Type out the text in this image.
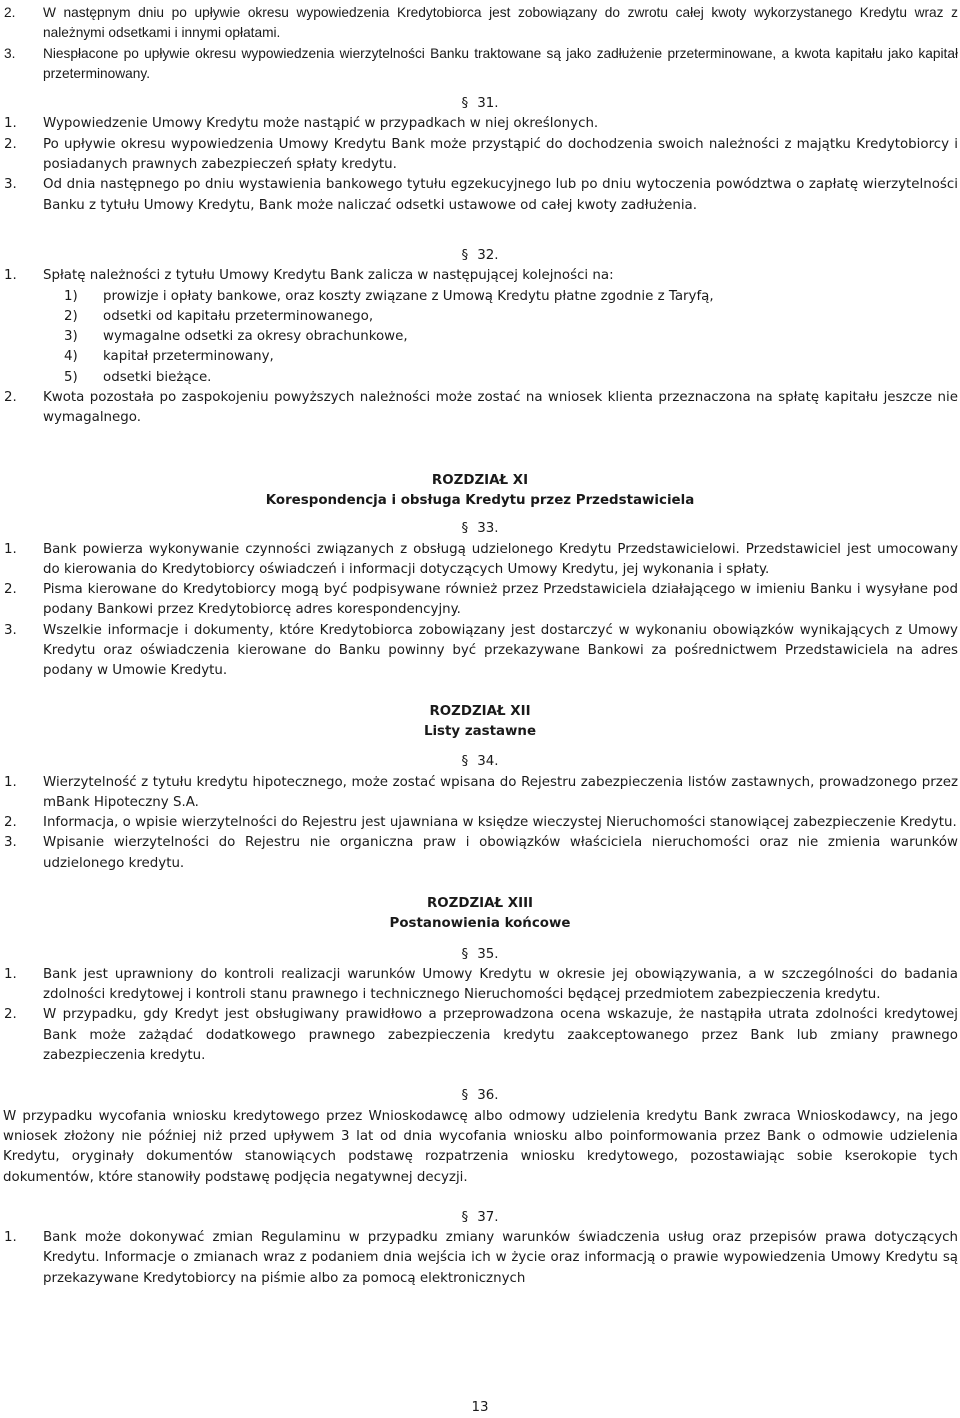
2.	W następnym dniu po upływie okresu wypowiedzenia Kredytobiorca jest zobowiązany do zwrotu całej kwoty wykorzystanego Kredytu wraz z należnymi odsetkami i innymi opłatami.
3.	Niespłacone po upływie okresu wypowiedzenia wierzytelności Banku traktowane są jako zadłużenie przeterminowane, a kwota kapitału jako kapitał przeterminowany.
§ 31.
1.	Wypowiedzenie Umowy Kredytu może nastąpić w przypadkach w niej określonych.
2.	Po upływie okresu wypowiedzenia Umowy Kredytu Bank może przystąpić do dochodzenia swoich należności z majątku Kredytobiorcy i posiadanych prawnych zabezpieczeń spłaty kredytu.
3.	Od dnia następnego po dniu wystawienia bankowego tytułu egzekucyjnego lub po dniu wytoczenia powództwa o zapłatę wierzytelności Banku z tytułu Umowy Kredytu, Bank może naliczać odsetki ustawowe od całej kwoty zadłużenia.
§ 32.
1.	Spłatę należności z tytułu Umowy Kredytu Bank zalicza w następującej kolejności na:
1)	prowizje i opłaty bankowe, oraz koszty związane z Umową Kredytu płatne zgodnie z Taryfą,
2)	odsetki od kapitału przeterminowanego,
3)	wymagalne odsetki za okresy obrachunkowe,
4)	kapitał przeterminowany,
5)	odsetki bieżące.
2.	Kwota pozostała po zaspokojeniu powyższych należności może zostać na wniosek klienta przeznaczona na spłatę kapitału jeszcze nie wymagalnego.
ROZDZIAŁ XI
Korespondencja i obsługa Kredytu przez Przedstawiciela
§ 33.
1.	Bank powierza wykonywanie czynności związanych z obsługą udzielonego Kredytu Przedstawicielowi. Przedstawiciel jest umocowany do kierowania do Kredytobiorcy oświadczeń i informacji dotyczących Umowy Kredytu, jej wykonania i spłaty.
2.	Pisma kierowane do Kredytobiorcy mogą być podpisywane również przez Przedstawiciela działającego w imieniu Banku i wysyłane pod podany Bankowi przez Kredytobiorcę adres korespondencyjny.
3.	Wszelkie informacje i dokumenty, które Kredytobiorca zobowiązany jest dostarczyć w wykonaniu obowiązków wynikających z Umowy Kredytu oraz oświadczenia kierowane do Banku powinny być przekazywane Bankowi za pośrednictwem Przedstawiciela na adres podany w Umowie Kredytu.
ROZDZIAŁ XII
Listy zastawne
§ 34.
1.	Wierzytelność z tytułu kredytu hipotecznego, może zostać wpisana do Rejestru zabezpieczenia listów zastawnych, prowadzonego przez mBank Hipoteczny S.A.
2.	Informacja, o wpisie wierzytelności do Rejestru jest ujawniana w księdze wieczystej Nieruchomości stanowiącej zabezpieczenie Kredytu.
3.	Wpisanie wierzytelności do Rejestru nie organiczna praw i obowiązków właściciela nieruchomości oraz nie zmienia warunków udzielonego kredytu.
ROZDZIAŁ XIII
Postanowienia końcowe
§ 35.
1.	Bank jest uprawniony do kontroli realizacji warunków Umowy Kredytu w okresie jej obowiązywania, a w szczególności do badania zdolności kredytowej i kontroli stanu prawnego i technicznego Nieruchomości będącej przedmiotem zabezpieczenia kredytu.
2.	W przypadku, gdy Kredyt jest obsługiwany prawidłowo a przeprowadzona ocena wskazuje, że nastąpiła utrata zdolności kredytowej Bank może zażądać dodatkowego prawnego zabezpieczenia kredytu zaakceptowanego przez Bank lub zmiany prawnego zabezpieczenia kredytu.
§ 36.
W przypadku wycofania wniosku kredytowego przez Wnioskodawcę albo odmowy udzielenia kredytu Bank zwraca Wnioskodawcy, na jego wniosek złożony nie później niż przed upływem 3 lat od dnia wycofania wniosku albo poinformowania przez Bank o odmowie udzielenia Kredytu, oryginały dokumentów stanowiących podstawę rozpatrzenia wniosku kredytowego, pozostawiając sobie kserokopie tych dokumentów, które stanowiły podstawę podjęcia negatywnej decyzji.
§ 37.
1.	Bank może dokonywać zmian Regulaminu w przypadku zmiany warunków świadczenia usług oraz przepisów prawa dotyczących Kredytu. Informacje o zmianach wraz z podaniem dnia wejścia ich w życie oraz informacją o prawie wypowiedzenia Umowy Kredytu są przekazywane Kredytobiorcy na piśmie albo za pomocą elektronicznych
13
